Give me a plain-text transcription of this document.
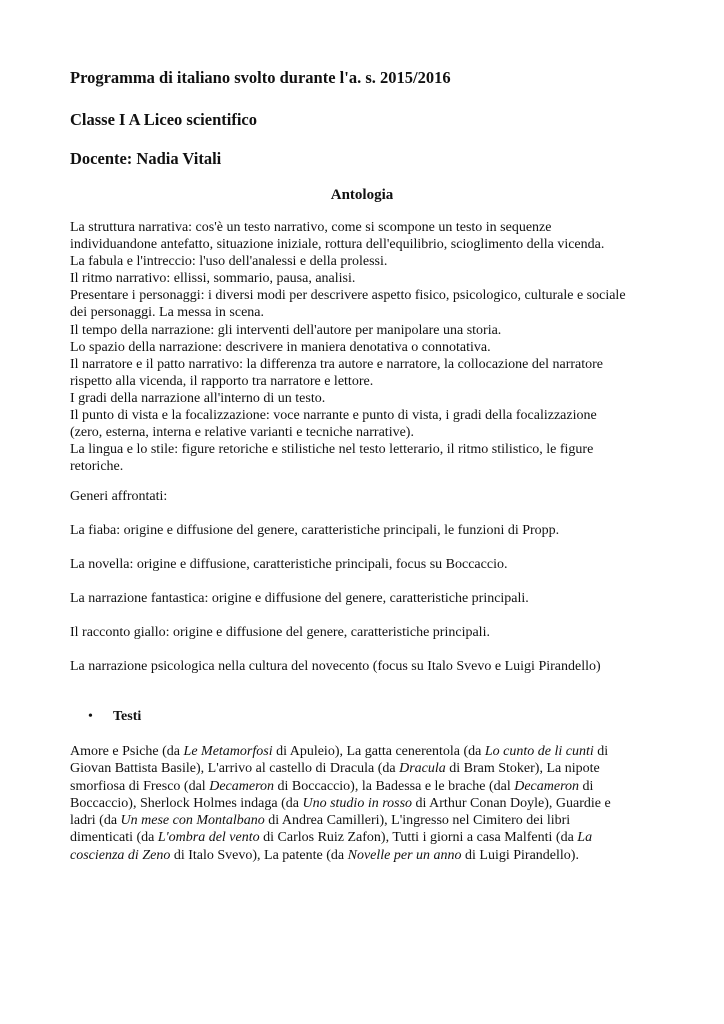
Programma di italiano svolto durante l'a. s. 2015/2016
Classe I A Liceo scientifico
Docente: Nadia Vitali
Antologia
La struttura narrativa: cos'è un testo narrativo, come si scompone un testo in sequenze
individuandone antefatto, situazione iniziale, rottura dell'equilibrio, scioglimento della vicenda.
La fabula e l'intreccio: l'uso dell'analessi e della prolessi.
Il ritmo narrativo: ellissi, sommario, pausa, analisi.
Presentare i personaggi: i diversi modi per descrivere aspetto fisico, psicologico, culturale e sociale
dei personaggi. La messa in scena.
Il tempo della narrazione: gli interventi dell'autore per manipolare una storia.
Lo spazio della narrazione: descrivere in maniera denotativa o connotativa.
Il narratore e il patto narrativo: la differenza tra autore e narratore, la collocazione del narratore
rispetto alla vicenda, il rapporto tra narratore e lettore.
I gradi della narrazione all'interno di un testo.
Il punto di vista e la focalizzazione: voce narrante e punto di vista, i gradi della focalizzazione
(zero, esterna, interna e relative varianti e tecniche narrative).
La lingua e lo stile: figure retoriche e stilistiche nel testo letterario, il ritmo stilistico, le figure
retoriche.

Generi affrontati:

La fiaba: origine e diffusione del genere, caratteristiche principali, le funzioni di Propp.

La novella: origine e diffusione, caratteristiche principali, focus su Boccaccio.

La narrazione fantastica: origine e diffusione del genere, caratteristiche principali.

Il racconto giallo: origine e diffusione del genere, caratteristiche principali.

La narrazione psicologica nella cultura del novecento (focus su Italo Svevo e Luigi Pirandello)

• Testi
Amore e Psiche (da Le Metamorfosi di Apuleio), La gatta cenerentola (da Lo cunto de li cunti di
Giovan Battista Basile), L'arrivo al castello di Dracula (da Dracula di Bram Stoker), La nipote
smorfiosa di Fresco (dal Decameron di Boccaccio), la Badessa e le brache (dal Decameron di
Boccaccio), Sherlock Holmes indaga (da Uno studio in rosso di Arthur Conan Doyle), Guardie e
ladri (da Un mese con Montalbano di Andrea Camilleri), L'ingresso nel Cimitero dei libri
dimenticati (da L'ombra del vento di Carlos Ruiz Zafon), Tutti i giorni a casa Malfenti (da La
coscienza di Zeno di Italo Svevo), La patente (da Novelle per un anno di Luigi Pirandello).
